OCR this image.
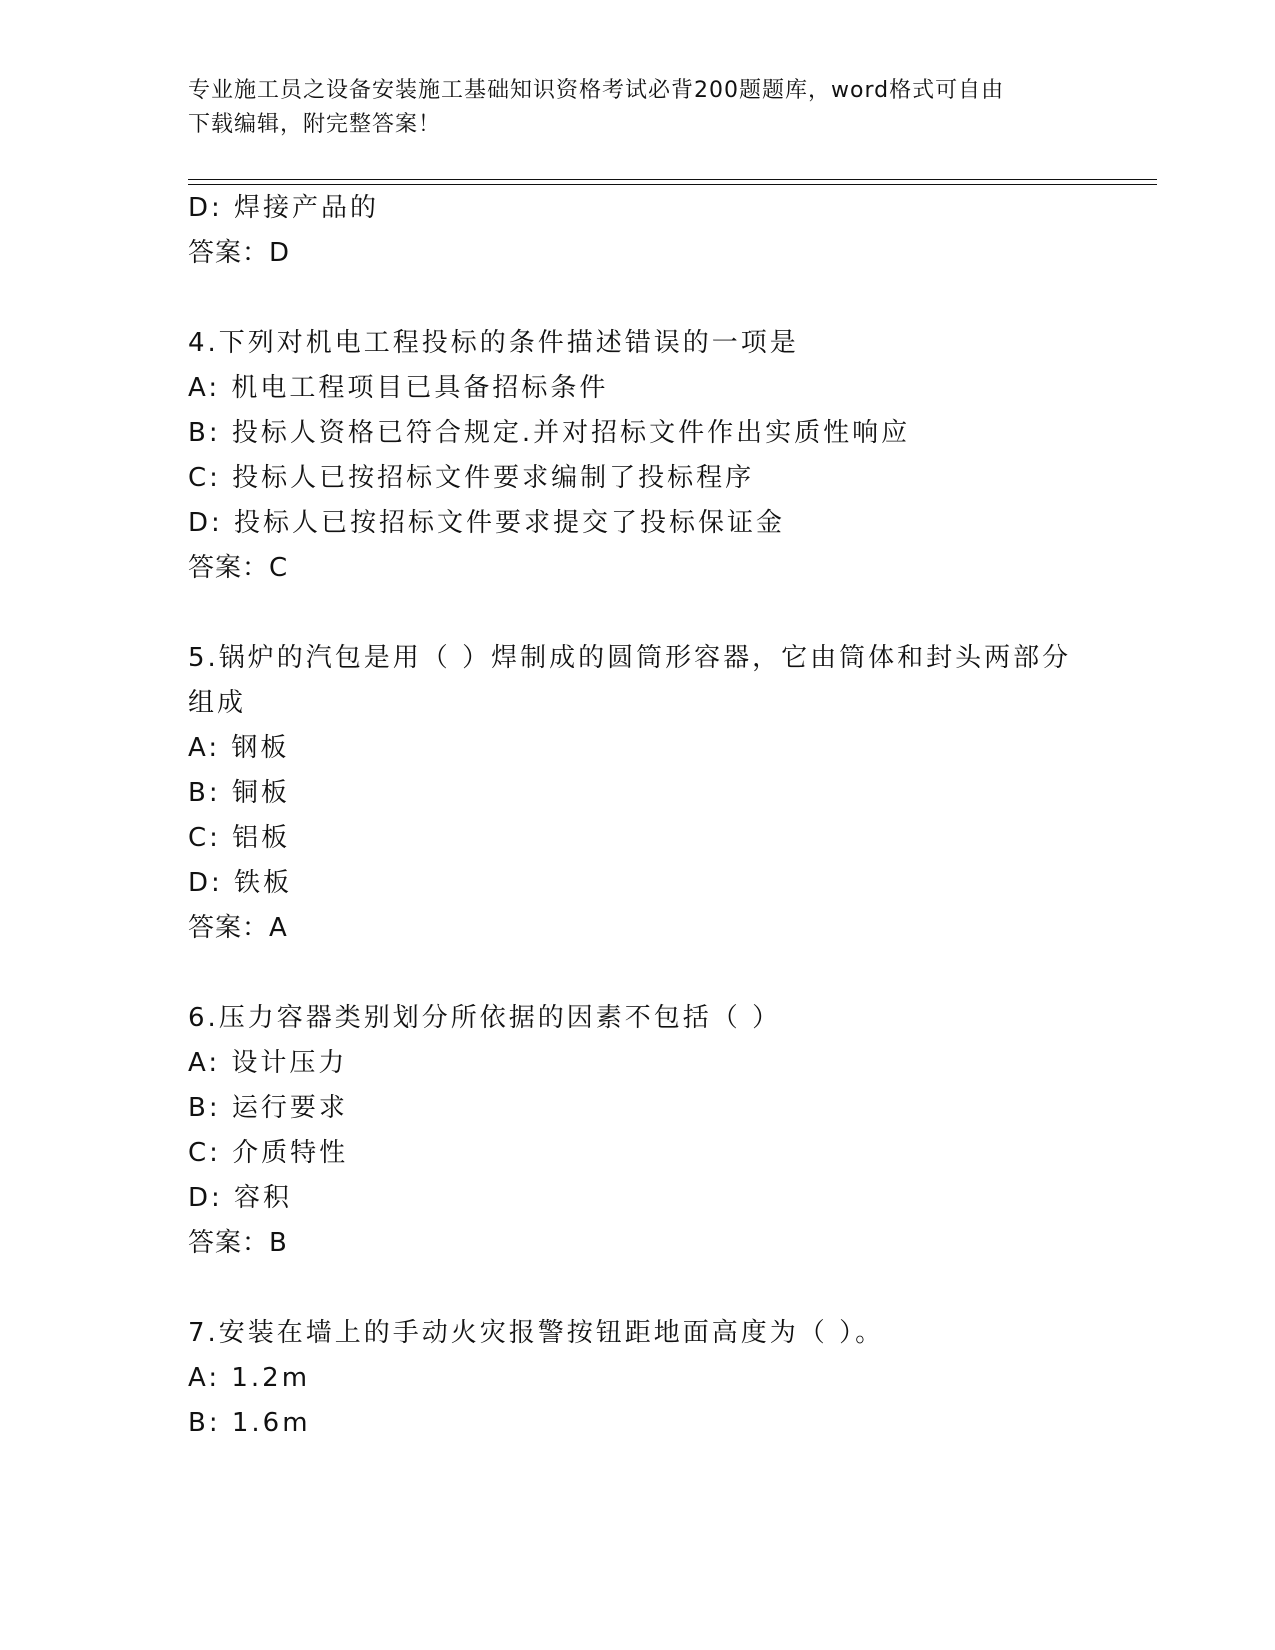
专业施工员之设备安装施工基础知识资格考试必背200题题库，word格式可自由
下载编辑，附完整答案！
D: 焊接产品的
答案：D
4.下列对机电工程投标的条件描述错误的一项是
A: 机电工程项目已具备招标条件
B: 投标人资格已符合规定.并对招标文件作出实质性响应
C: 投标人已按招标文件要求编制了投标程序
D: 投标人已按招标文件要求提交了投标保证金
答案：C
5.锅炉的汽包是用（ ）焊制成的圆筒形容器，它由筒体和封头两部分
组成
A: 钢板
B: 铜板
C: 铝板
D: 铁板
答案：A
6.压力容器类别划分所依据的因素不包括（ ）
A: 设计压力
B: 运行要求
C: 介质特性
D: 容积
答案：B
7.安装在墙上的手动火灾报警按钮距地面高度为（ ）。
A: 1.2m
B: 1.6m
